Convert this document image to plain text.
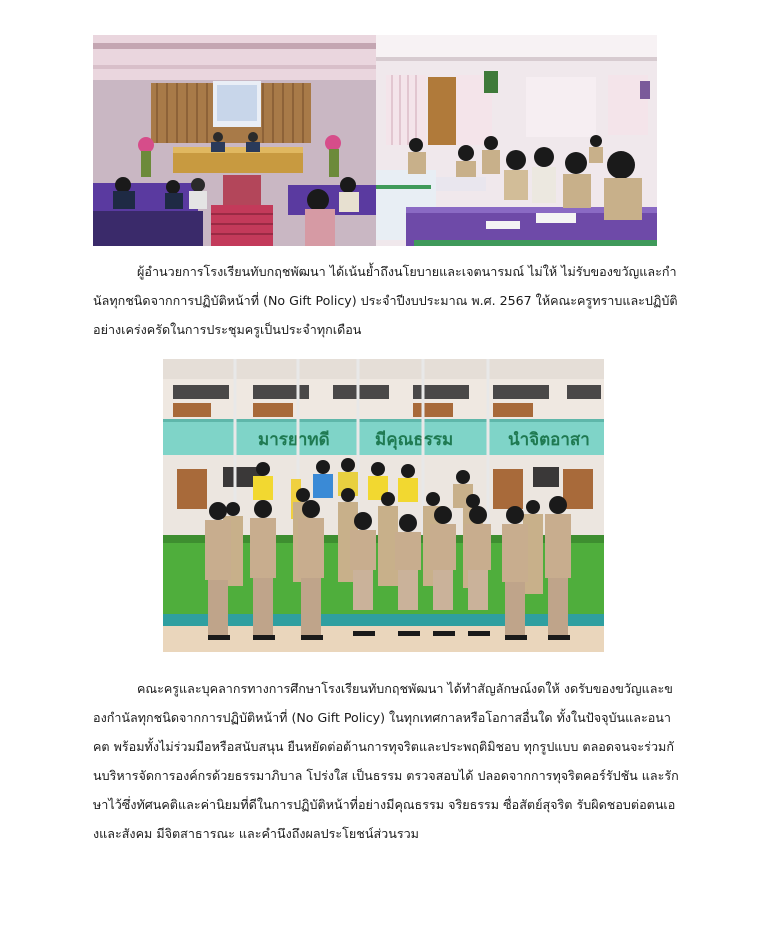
ผู้อำนวยการโรงเรียนทับกฤชพัฒนา ได้เน้นย้ำถึงนโยบายและเจตนารมณ์ ไม่ให้ ไม่รับของขวัญและกำนัลทุกชนิดจากการปฏิบัติหน้าที่ (No Gift Policy) ประจำปีงบประมาณ พ.ศ. 2567 ให้คณะครูทราบและปฏิบัติอย่างเคร่งครัดในการประชุมครูเป็นประจำทุกเดือน

มารยาทดี	มีคุณธรรม	นำจิตอาสา

คณะครูและบุคลากรทางการศึกษาโรงเรียนทับกฤชพัฒนา ได้ทำสัญลักษณ์งดให้ งดรับของขวัญและของกำนัลทุกชนิดจากการปฏิบัติหน้าที่ (No Gift Policy) ในทุกเทศกาลหรือโอกาสอื่นใด ทั้งในปัจจุบันและอนาคต พร้อมทั้งไม่ร่วมมือหรือสนับสนุน ยืนหยัดต่อต้านการทุจริตและประพฤติมิชอบ ทุกรูปแบบ ตลอดจนจะร่วมกันบริหารจัดการองค์กรด้วยธรรมาภิบาล โปร่งใส เป็นธรรม ตรวจสอบได้ ปลอดจากการทุจริตคอร์รัปชัน และรักษาไว้ซึ่งทัศนคติและค่านิยมที่ดีในการปฏิบัติหน้าที่อย่างมีคุณธรรม จริยธรรม ซื่อสัตย์สุจริต รับผิดชอบต่อตนเองและสังคม มีจิตสาธารณะ และคำนึงถึงผลประโยชน์ส่วนรวม
